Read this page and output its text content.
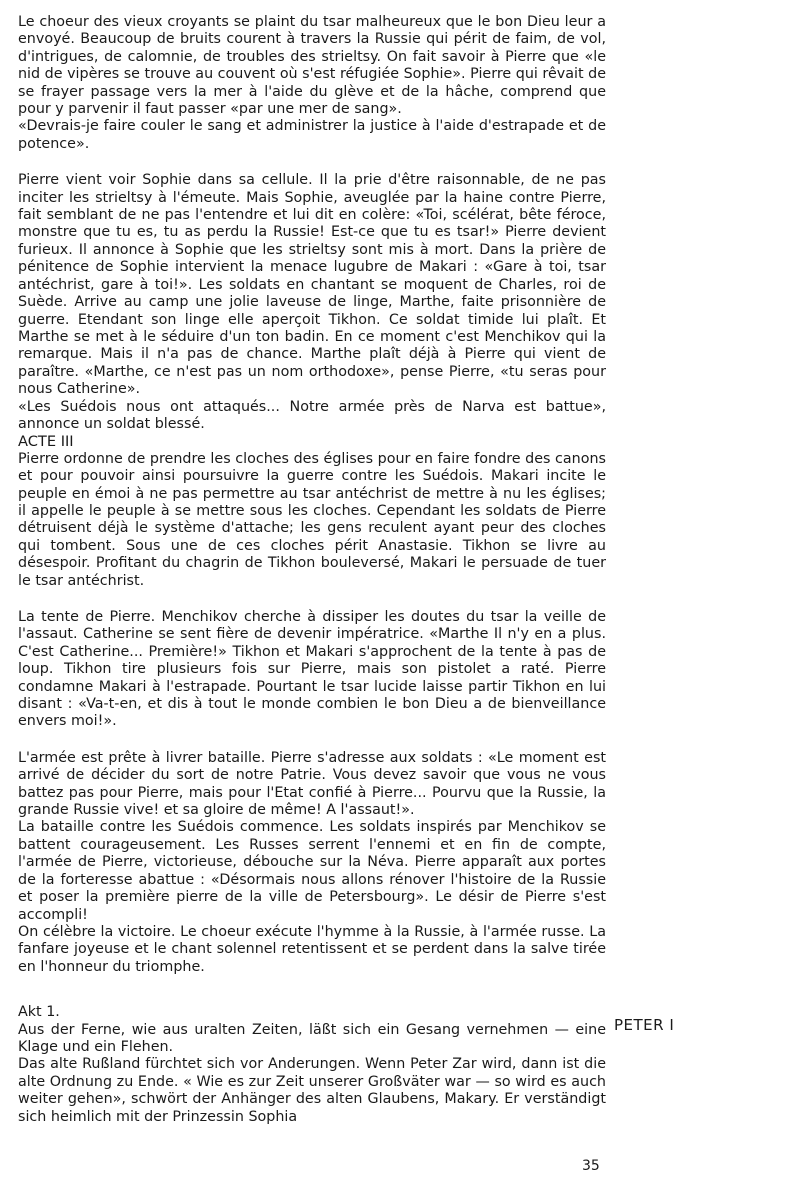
Le choeur des vieux croyants se plaint du tsar malheureux que le bon Dieu leur a envoyé. Beaucoup de bruits courent à travers la Russie qui périt de faim, de vol, d'intrigues, de calomnie, de troubles des strieltsy. On fait savoir à Pierre que «le nid de vipères se trouve au couvent où s'est réfugiée Sophie». Pierre qui rêvait de se frayer passage vers la mer à l'aide du glève et de la hâche, comprend que pour y parvenir il faut passer «par une mer de sang».

«Devrais-je faire couler le sang et administrer la justice à l'aide d'estrapade et de potence».

Pierre vient voir Sophie dans sa cellule. Il la prie d'être raisonnable, de ne pas inciter les strieltsy à l'émeute. Mais Sophie, aveuglée par la haine contre Pierre, fait semblant de ne pas l'entendre et lui dit en colère: «Toi, scélérat, bête féroce, monstre que tu es, tu as perdu la Russie! Est-ce que tu es tsar!» Pierre devient furieux. Il annonce à Sophie que les strieltsy sont mis à mort. Dans la prière de pénitence de Sophie intervient la menace lugubre de Makari : «Gare à toi, tsar antéchrist, gare à toi!». Les soldats en chantant se moquent de Charles, roi de Suède. Arrive au camp une jolie laveuse de linge, Marthe, faite prisonnière de guerre. Etendant son linge elle aperçoit Tikhon. Ce soldat timide lui plaît. Et Marthe se met à le séduire d'un ton badin. En ce moment c'est Menchikov qui la remarque. Mais il n'a pas de chance. Marthe plaît déjà à Pierre qui vient de paraître. «Marthe, ce n'est pas un nom orthodoxe», pense Pierre, «tu seras pour nous Catherine».

«Les Suédois nous ont attaqués... Notre armée près de Narva est battue», annonce un soldat blessé.

ACTE III

Pierre ordonne de prendre les cloches des églises pour en faire fondre des canons et pour pouvoir ainsi poursuivre la guerre contre les Suédois. Makari incite le peuple en émoi à ne pas permettre au tsar antéchrist de mettre à nu les églises; il appelle le peuple à se mettre sous les cloches. Cependant les soldats de Pierre détruisent déjà le système d'attache; les gens reculent ayant peur des cloches qui tombent. Sous une de ces cloches périt Anastasie. Tikhon se livre au désespoir. Profitant du chagrin de Tikhon bouleversé, Makari le persuade de tuer le tsar antéchrist.

La tente de Pierre. Menchikov cherche à dissiper les doutes du tsar la veille de l'assaut. Catherine se sent fière de devenir impératrice. «Marthe Il n'y en a plus. C'est Catherine... Première!» Tikhon et Makari s'approchent de la tente à pas de loup. Tikhon tire plusieurs fois sur Pierre, mais son pistolet a raté. Pierre condamne Makari à l'estrapade. Pourtant le tsar lucide laisse partir Tikhon en lui disant : «Va-t-en, et dis à tout le monde combien le bon Dieu a de bienveillance envers moi!».

L'armée est prête à livrer bataille. Pierre s'adresse aux soldats : «Le moment est arrivé de décider du sort de notre Patrie. Vous devez savoir que vous ne vous battez pas pour Pierre, mais pour l'Etat confié à Pierre... Pourvu que la Russie, la grande Russie vive! et sa gloire de même! A l'assaut!».

La bataille contre les Suédois commence. Les soldats inspirés par Menchikov se battent courageusement. Les Russes serrent l'ennemi et en fin de compte, l'armée de Pierre, victorieuse, débouche sur la Néva. Pierre apparaît aux portes de la forteresse abattue : «Désormais nous allons rénover l'histoire de la Russie et poser la première pierre de la ville de Petersbourg». Le désir de Pierre s'est accompli!

On célèbre la victoire. Le choeur exécute l'hymme à la Russie, à l'armée russe. La fanfare joyeuse et le chant solennel retentissent et se perdent dans la salve tirée en l'honneur du triomphe.

Akt 1.

Aus der Ferne, wie aus uralten Zeiten, läßt sich ein Gesang vernehmen — eine Klage und ein Flehen.

Das alte Rußland fürchtet sich vor Anderungen. Wenn Peter Zar wird, dann ist die alte Ordnung zu Ende. « Wie es zur Zeit unserer Großväter war — so wird es auch weiter gehen», schwört der Anhänger des alten Glaubens, Makary. Er verständigt sich heimlich mit der Prinzessin Sophia

PETER I
35
